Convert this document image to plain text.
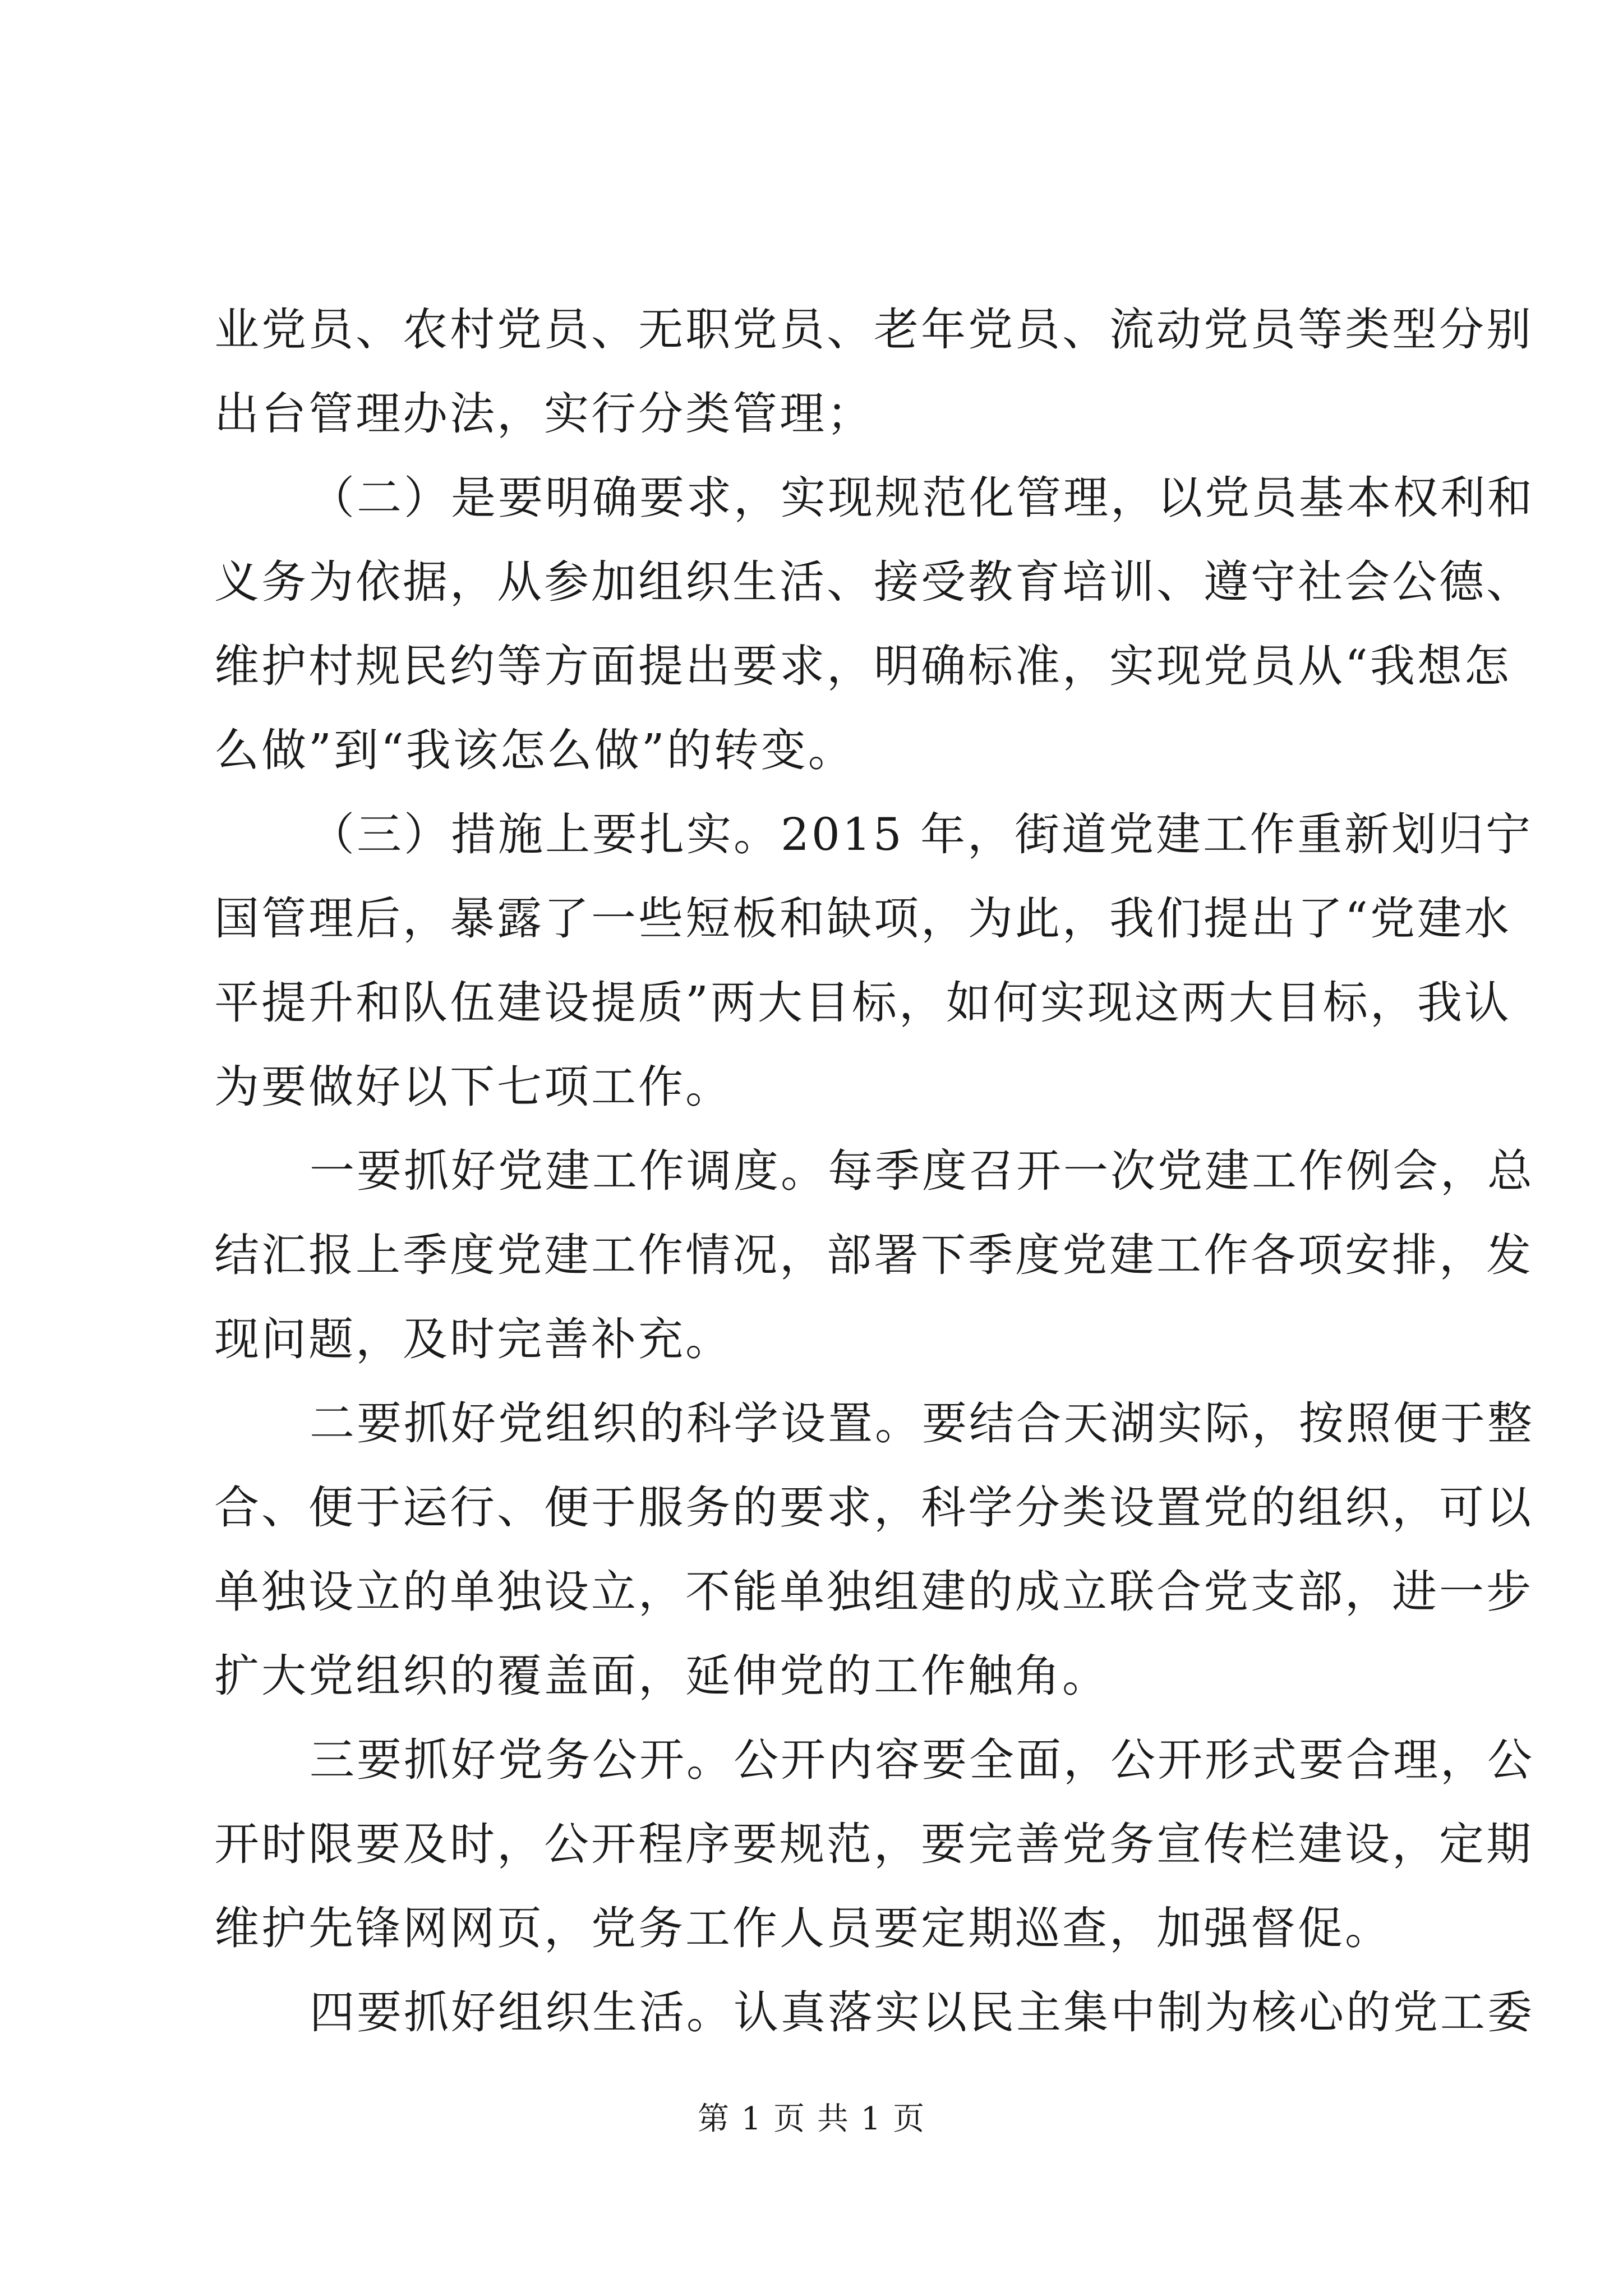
业党员、农村党员、无职党员、老年党员、流动党员等类型分别
出台管理办法，实行分类管理；
（二）是要明确要求，实现规范化管理，以党员基本权利和
义务为依据，从参加组织生活、接受教育培训、遵守社会公德、
维护村规民约等方面提出要求，明确标准，实现党员从“我想怎
么做”到“我该怎么做”的转变。
（三）措施上要扎实。2015 年，街道党建工作重新划归宁
国管理后，暴露了一些短板和缺项，为此，我们提出了“党建水
平提升和队伍建设提质”两大目标，如何实现这两大目标，我认
为要做好以下七项工作。
一要抓好党建工作调度。每季度召开一次党建工作例会，总
结汇报上季度党建工作情况，部署下季度党建工作各项安排，发
现问题，及时完善补充。
二要抓好党组织的科学设置。要结合天湖实际，按照便于整
合、便于运行、便于服务的要求，科学分类设置党的组织，可以
单独设立的单独设立，不能单独组建的成立联合党支部，进一步
扩大党组织的覆盖面，延伸党的工作触角。
三要抓好党务公开。公开内容要全面，公开形式要合理，公
开时限要及时，公开程序要规范，要完善党务宣传栏建设，定期
维护先锋网网页，党务工作人员要定期巡查，加强督促。
四要抓好组织生活。认真落实以民主集中制为核心的党工委
第 1 页 共 1 页
